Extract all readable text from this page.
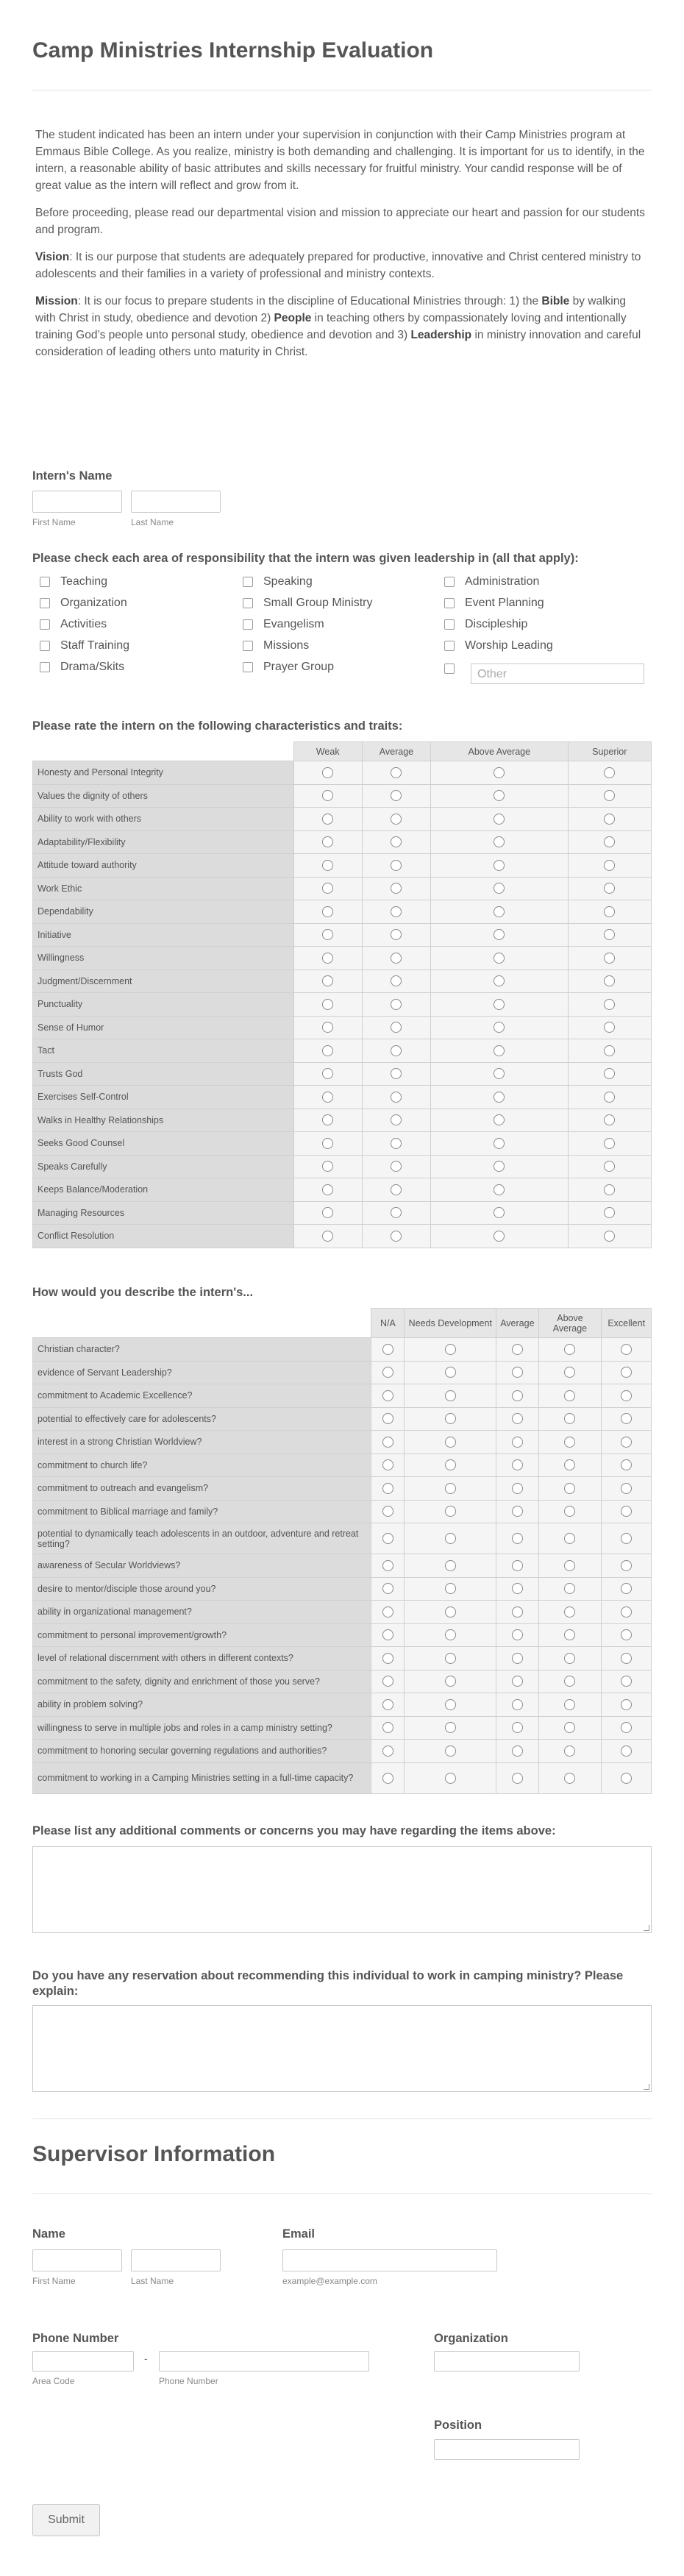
Camp Ministries Internship Evaluation

The student indicated has been an intern under your supervision in conjunction with their Camp Ministries program at Emmaus Bible College. As you realize, ministry is both demanding and challenging. It is important for us to identify, in the intern, a reasonable ability of basic attributes and skills necessary for fruitful ministry. Your candid response will be of great value as the intern will reflect and grow from it.

Before proceeding, please read our departmental vision and mission to appreciate our heart and passion for our students and program.

Vision: It is our purpose that students are adequately prepared for productive, innovative and Christ centered ministry to adolescents and their families in a variety of professional and ministry contexts.

Mission: It is our focus to prepare students in the discipline of Educational Ministries through: 1) the Bible by walking with Christ in study, obedience and devotion 2) People in teaching others by compassionately loving and intentionally training God’s people unto personal study, obedience and devotion and 3) Leadership in ministry innovation and careful consideration of leading others unto maturity in Christ.

Intern's Name
First Name	Last Name
Please check each area of responsibility that the intern was given leadership in (all that apply):
Teaching
Organization
Activities
Staff Training
Drama/Skits
Speaking
Small Group Ministry
Evangelism
Missions
Prayer Group
Administration
Event Planning
Discipleship
Worship Leading
Other
Please rate the intern on the following characteristics and traits:
	Weak	Average	Above Average	Superior
Honesty and Personal Integrity				
Values the dignity of others				
Ability to work with others				
Adaptability/Flexibility				
Attitude toward authority				
Work Ethic				
Dependability				
Initiative				
Willingness				
Judgment/Discernment				
Punctuality				
Sense of Humor				
Tact				
Trusts God				
Exercises Self-Control				
Walks in Healthy Relationships				
Seeks Good Counsel				
Speaks Carefully				
Keeps Balance/Moderation				
Managing Resources				
Conflict Resolution				
How would you describe the intern's...
	N/A	Needs Development	Average	Above Average	Excellent
Christian character?					
evidence of Servant Leadership?					
commitment to Academic Excellence?					
potential to effectively care for adolescents?					
interest in a strong Christian Worldview?					
commitment to church life?					
commitment to outreach and evangelism?					
commitment to Biblical marriage and family?					
potential to dynamically teach adolescents in an outdoor, adventure and retreat setting?					
awareness of Secular Worldviews?					
desire to mentor/disciple those around you?					
ability in organizational management?					
commitment to personal improvement/growth?					
level of relational discernment with others in different contexts?					
commitment to the safety, dignity and enrichment of those you serve?					
ability in problem solving?					
willingness to serve in multiple jobs and roles in a camp ministry setting?					
commitment to honoring secular governing regulations and authorities?					
commitment to working in a Camping Ministries setting in a full-time capacity?					
Please list any additional comments or concerns you may have regarding the items above:
Do you have any reservation about recommending this individual to work in camping ministry? Please explain:
Supervisor Information
Name
First Name	Last Name
Email
example@example.com
Phone Number
-
Area Code	Phone Number
Organization
Position
Submit
